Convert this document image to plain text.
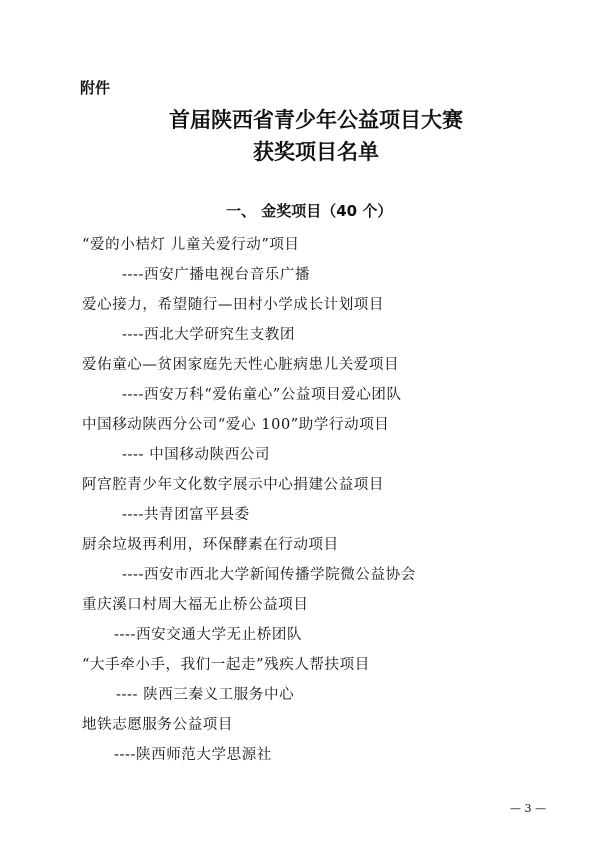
附件
首届陕西省青少年公益项目大赛
获奖项目名单
一、 金奖项目（40 个）
“爱的小桔灯 儿童关爱行动”项目
----西安广播电视台音乐广播
爱心接力，希望随行—田村小学成长计划项目
----西北大学研究生支教团
爱佑童心—贫困家庭先天性心脏病患儿关爱项目
----西安万科“爱佑童心”公益项目爱心团队
中国移动陕西分公司“爱心 100”助学行动项目
---- 中国移动陕西公司
阿宫腔青少年文化数字展示中心捐建公益项目
----共青团富平县委
厨余垃圾再利用，环保酵素在行动项目
----西安市西北大学新闻传播学院微公益协会
重庆溪口村周大福无止桥公益项目
----西安交通大学无止桥团队
“大手牵小手，我们一起走”残疾人帮扶项目
---- 陕西三秦义工服务中心
地铁志愿服务公益项目
----陕西师范大学思源社
— 3 —
